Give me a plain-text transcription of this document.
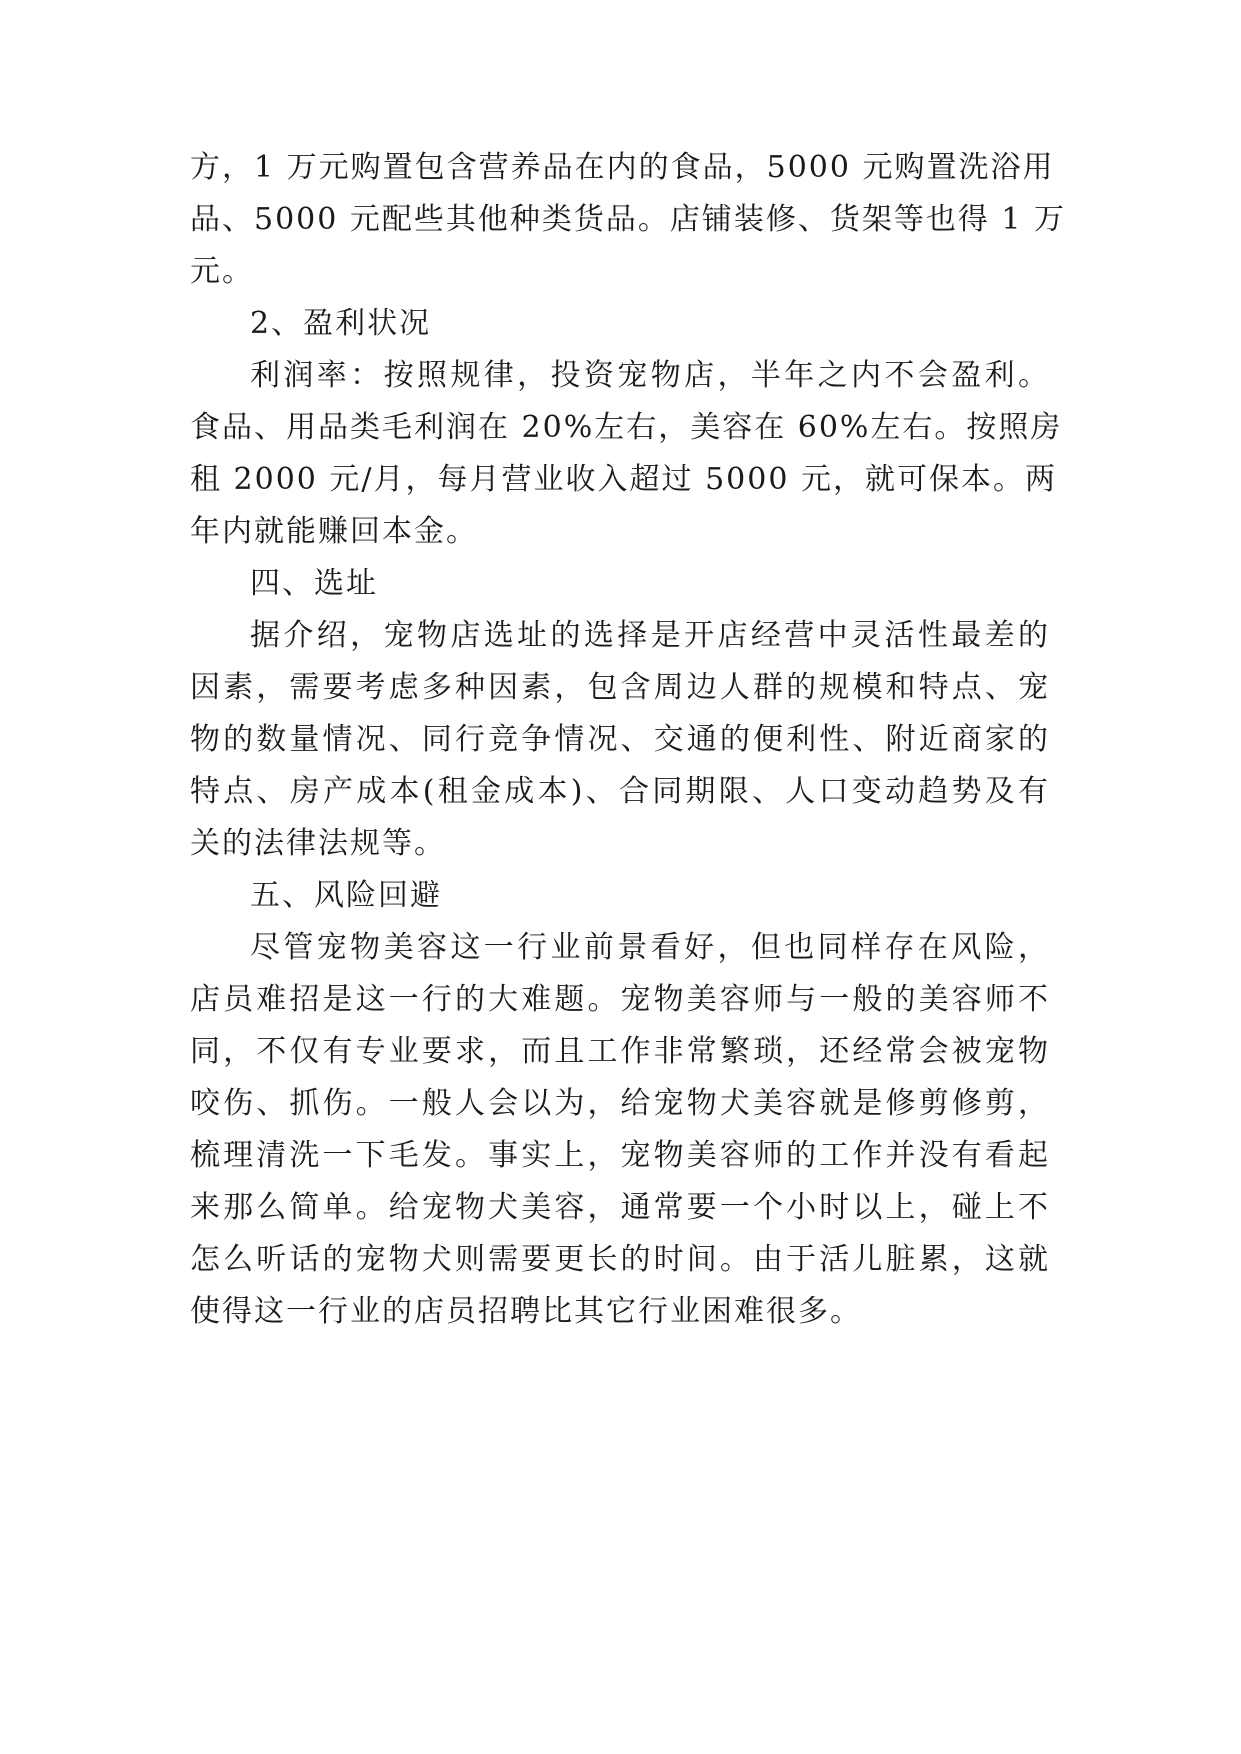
方，1 万元购置包含营养品在内的食品，5000 元购置洗浴用
品、5000 元配些其他种类货品。店铺装修、货架等也得 1 万
元。
2、盈利状况
利润率：按照规律，投资宠物店，半年之内不会盈利。
食品、用品类毛利润在 20%左右，美容在 60%左右。按照房
租 2000 元/月，每月营业收入超过 5000 元，就可保本。两
年内就能赚回本金。
四、选址
据介绍，宠物店选址的选择是开店经营中灵活性最差的
因素，需要考虑多种因素，包含周边人群的规模和特点、宠
物的数量情况、同行竞争情况、交通的便利性、附近商家的
特点、房产成本(租金成本)、合同期限、人口变动趋势及有
关的法律法规等。
五、风险回避
尽管宠物美容这一行业前景看好，但也同样存在风险，
店员难招是这一行的大难题。宠物美容师与一般的美容师不
同，不仅有专业要求，而且工作非常繁琐，还经常会被宠物
咬伤、抓伤。一般人会以为，给宠物犬美容就是修剪修剪，
梳理清洗一下毛发。事实上，宠物美容师的工作并没有看起
来那么简单。给宠物犬美容，通常要一个小时以上，碰上不
怎么听话的宠物犬则需要更长的时间。由于活儿脏累，这就
使得这一行业的店员招聘比其它行业困难很多。
